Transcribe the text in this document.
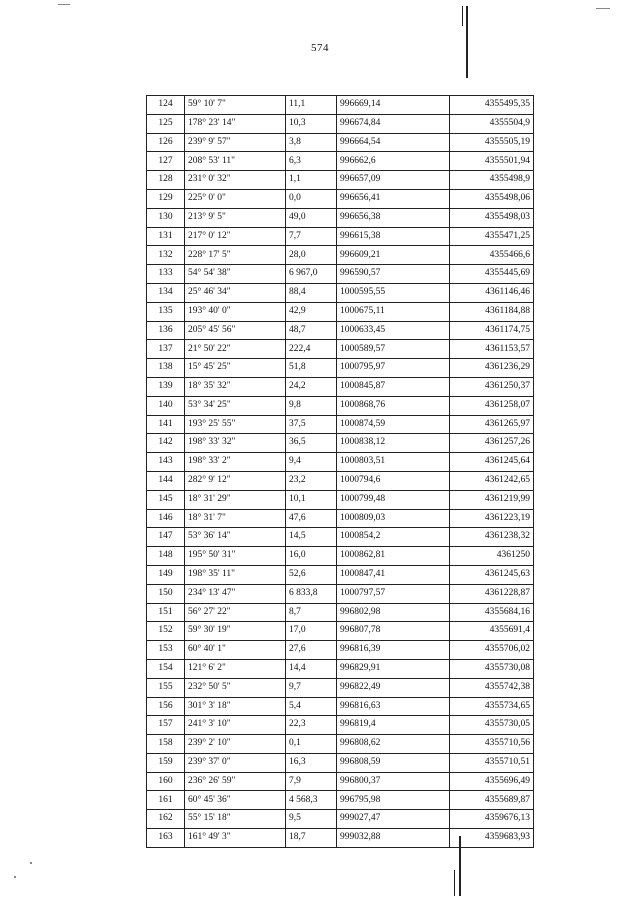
574
124	59° 10' 7"	11,1	996669,14	4355495,35
125	178° 23' 14"	10,3	996674,84	4355504,9
126	239° 9' 57"	3,8	996664,54	4355505,19
127	208° 53' 11"	6,3	996662,6	4355501,94
128	231° 0' 32"	1,1	996657,09	4355498,9
129	225° 0' 0"	0,0	996656,41	4355498,06
130	213° 9' 5"	49,0	996656,38	4355498,03
131	217° 0' 12"	7,7	996615,38	4355471,25
132	228° 17' 5"	28,0	996609,21	4355466,6
133	54° 54' 38"	6 967,0	996590,57	4355445,69
134	25° 46' 34"	88,4	1000595,55	4361146,46
135	193° 40' 0"	42,9	1000675,11	4361184,88
136	205° 45' 56"	48,7	1000633,45	4361174,75
137	21° 50' 22"	222,4	1000589,57	4361153,57
138	15° 45' 25"	51,8	1000795,97	4361236,29
139	18° 35' 32"	24,2	1000845,87	4361250,37
140	53° 34' 25"	9,8	1000868,76	4361258,07
141	193° 25' 55"	37,5	1000874,59	4361265,97
142	198° 33' 32"	36,5	1000838,12	4361257,26
143	198° 33' 2"	9,4	1000803,51	4361245,64
144	282° 9' 12"	23,2	1000794,6	4361242,65
145	18° 31' 29"	10,1	1000799,48	4361219,99
146	18° 31' 7"	47,6	1000809,03	4361223,19
147	53° 36' 14"	14,5	1000854,2	4361238,32
148	195° 50' 31"	16,0	1000862,81	4361250
149	198° 35' 11"	52,6	1000847,41	4361245,63
150	234° 13' 47"	6 833,8	1000797,57	4361228,87
151	56° 27' 22"	8,7	996802,98	4355684,16
152	59° 30' 19"	17,0	996807,78	4355691,4
153	60° 40' 1"	27,6	996816,39	4355706,02
154	121° 6' 2"	14,4	996829,91	4355730,08
155	232° 50' 5"	9,7	996822,49	4355742,38
156	301° 3' 18"	5,4	996816,63	4355734,65
157	241° 3' 10"	22,3	996819,4	4355730,05
158	239° 2' 10"	0,1	996808,62	4355710,56
159	239° 37' 0"	16,3	996808,59	4355710,51
160	236° 26' 59"	7,9	996800,37	4355696,49
161	60° 45' 36"	4 568,3	996795,98	4355689,87
162	55° 15' 18"	9,5	999027,47	4359676,13
163	161° 49' 3"	18,7	999032,88	4359683,93
